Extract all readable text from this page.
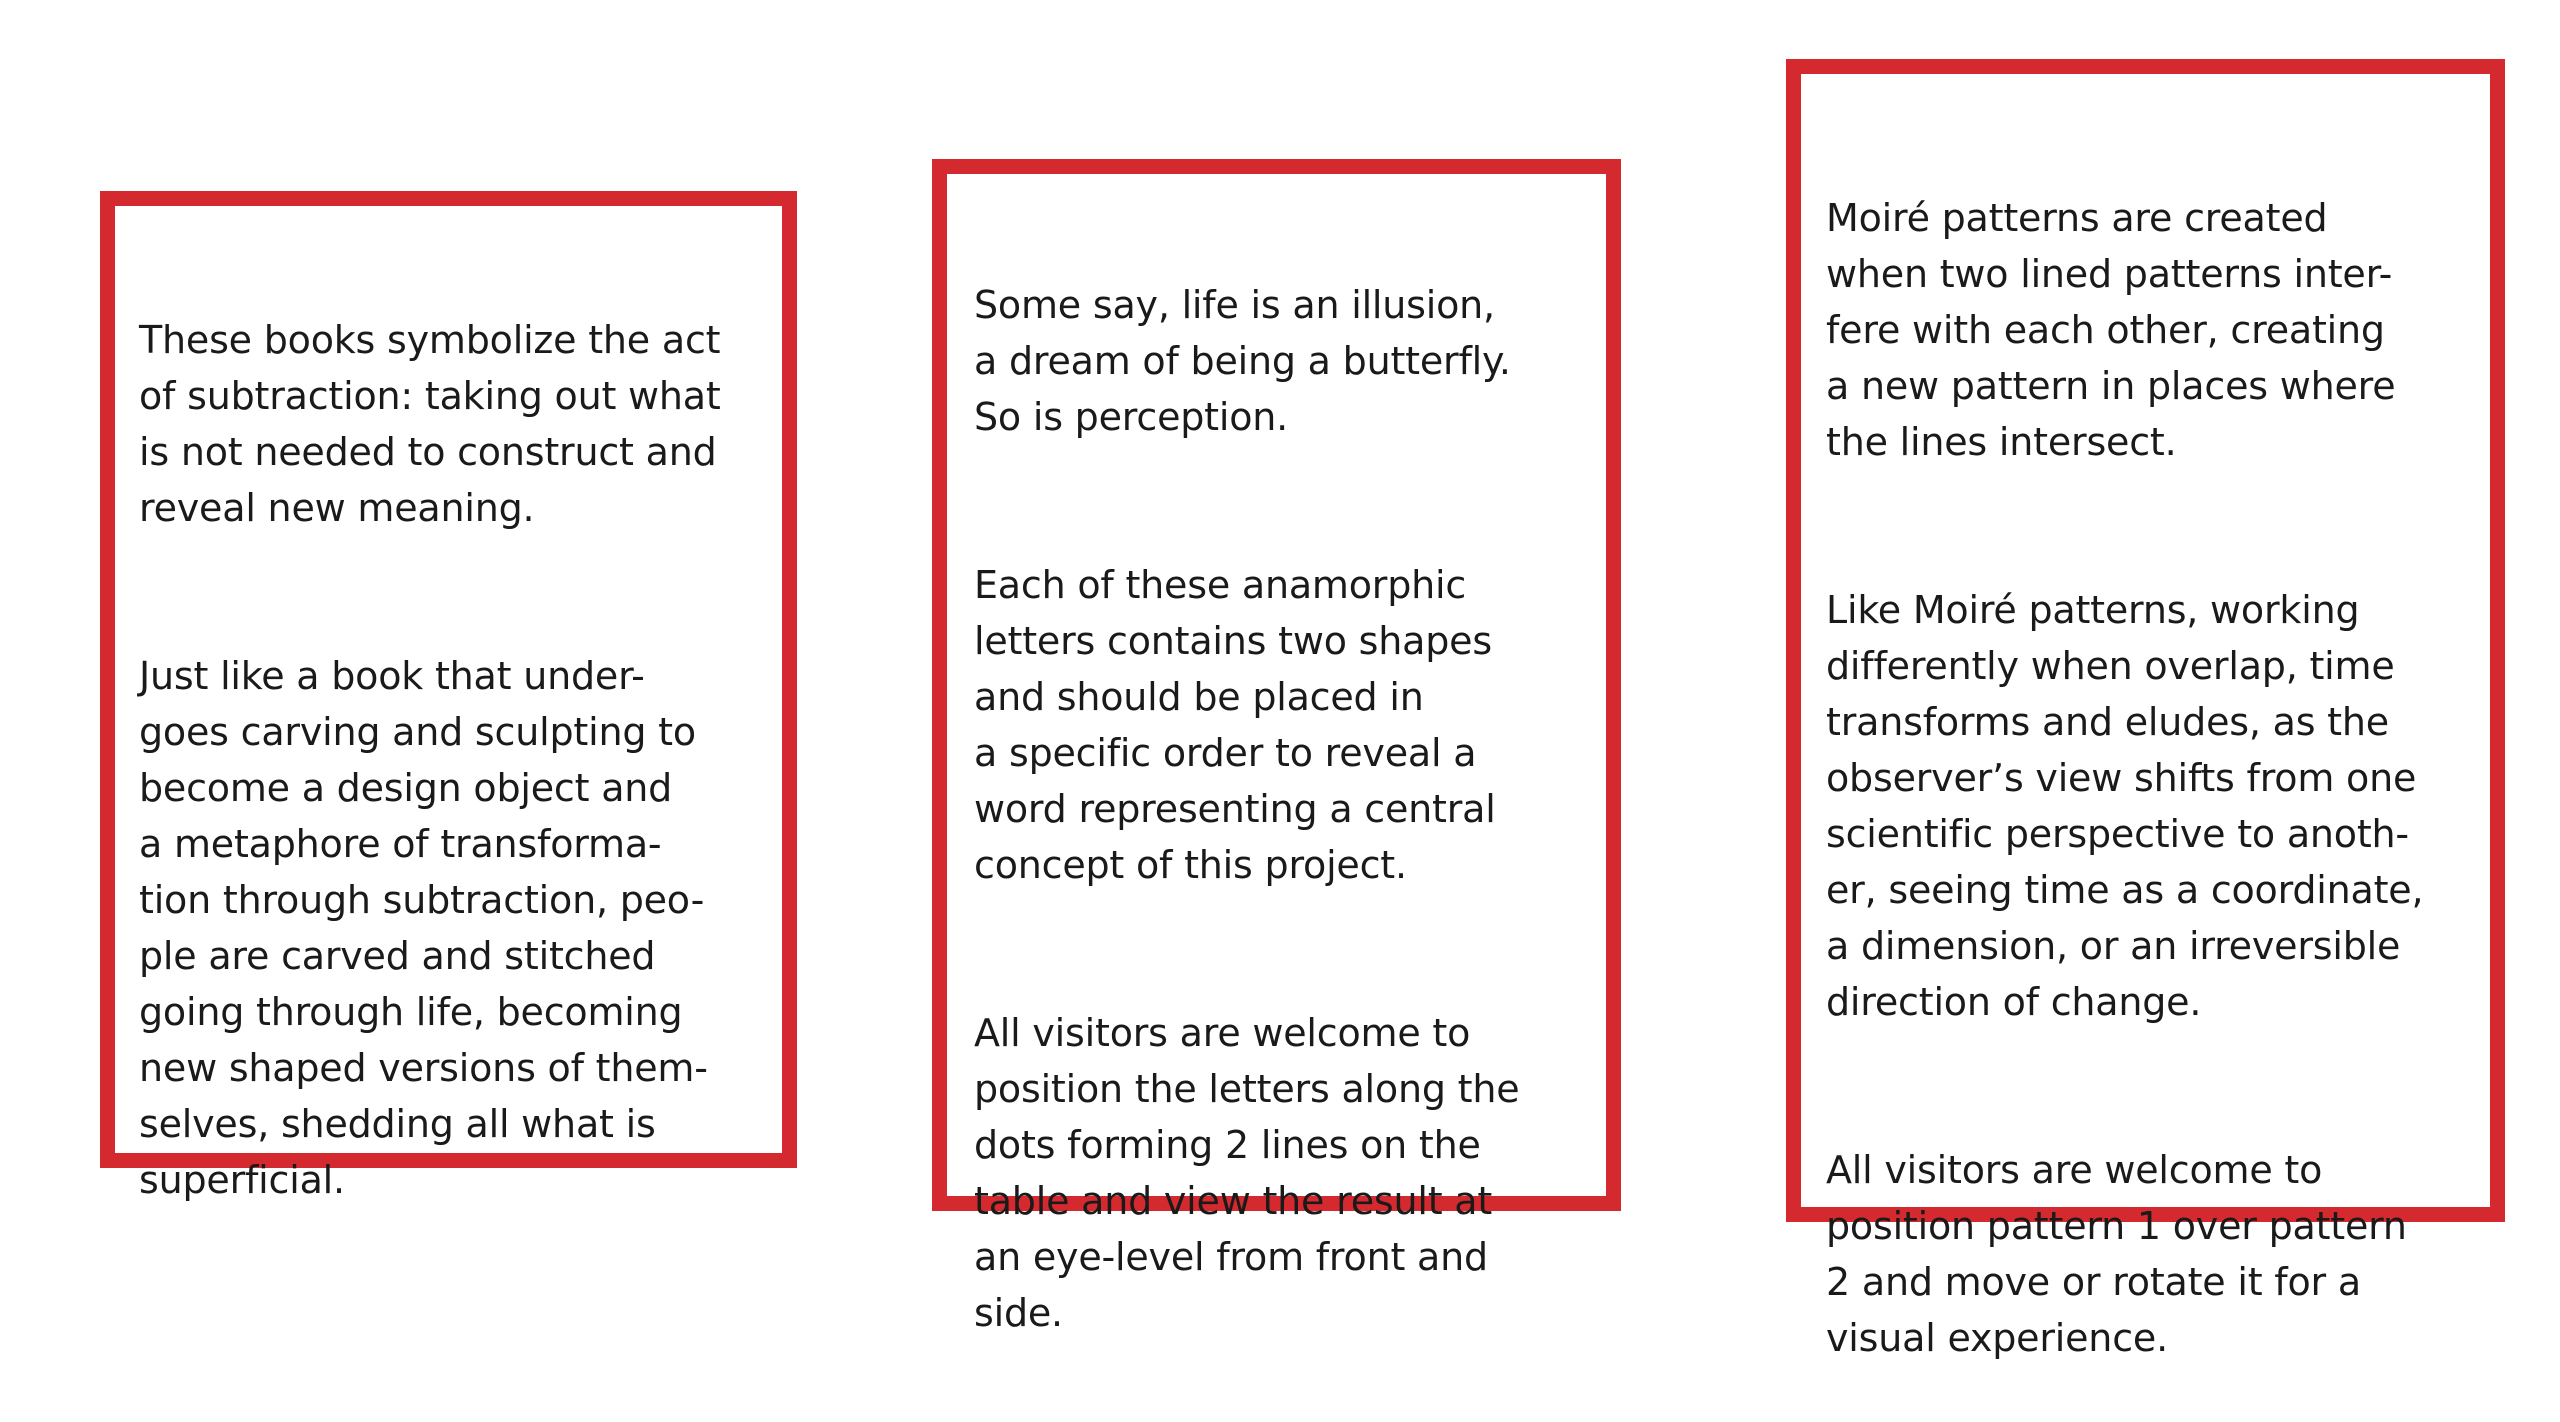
These books symbolize the act
of subtraction: taking out what
is not needed to construct and
reveal new meaning.

Just like a book that under-
goes carving and sculpting to
become a design object and
a metaphore of transforma-
tion through subtraction, peo-
ple are carved and stitched
going through life, becoming
new shaped versions of them-
selves, shedding all what is
superficial.

Some say, life is an illusion,
a dream of being a butterfly.
So is perception.

Each of these anamorphic
letters contains two shapes
and should be placed in
a specific order to reveal a
word representing a central
concept of this project.

All visitors are welcome to
position the letters along the
dots forming 2 lines on the
table and view the result at
an eye-level from front and
side.

Moiré patterns are created
when two lined patterns inter-
fere with each other, creating
a new pattern in places where
the lines intersect.

Like Moiré patterns, working
differently when overlap, time
transforms and eludes, as the
observer’s view shifts from one
scientific perspective to anoth-
er, seeing time as a coordinate,
a dimension, or an irreversible
direction of change.

All visitors are welcome to
position pattern 1 over pattern
2 and move or rotate it for a
visual experience.
